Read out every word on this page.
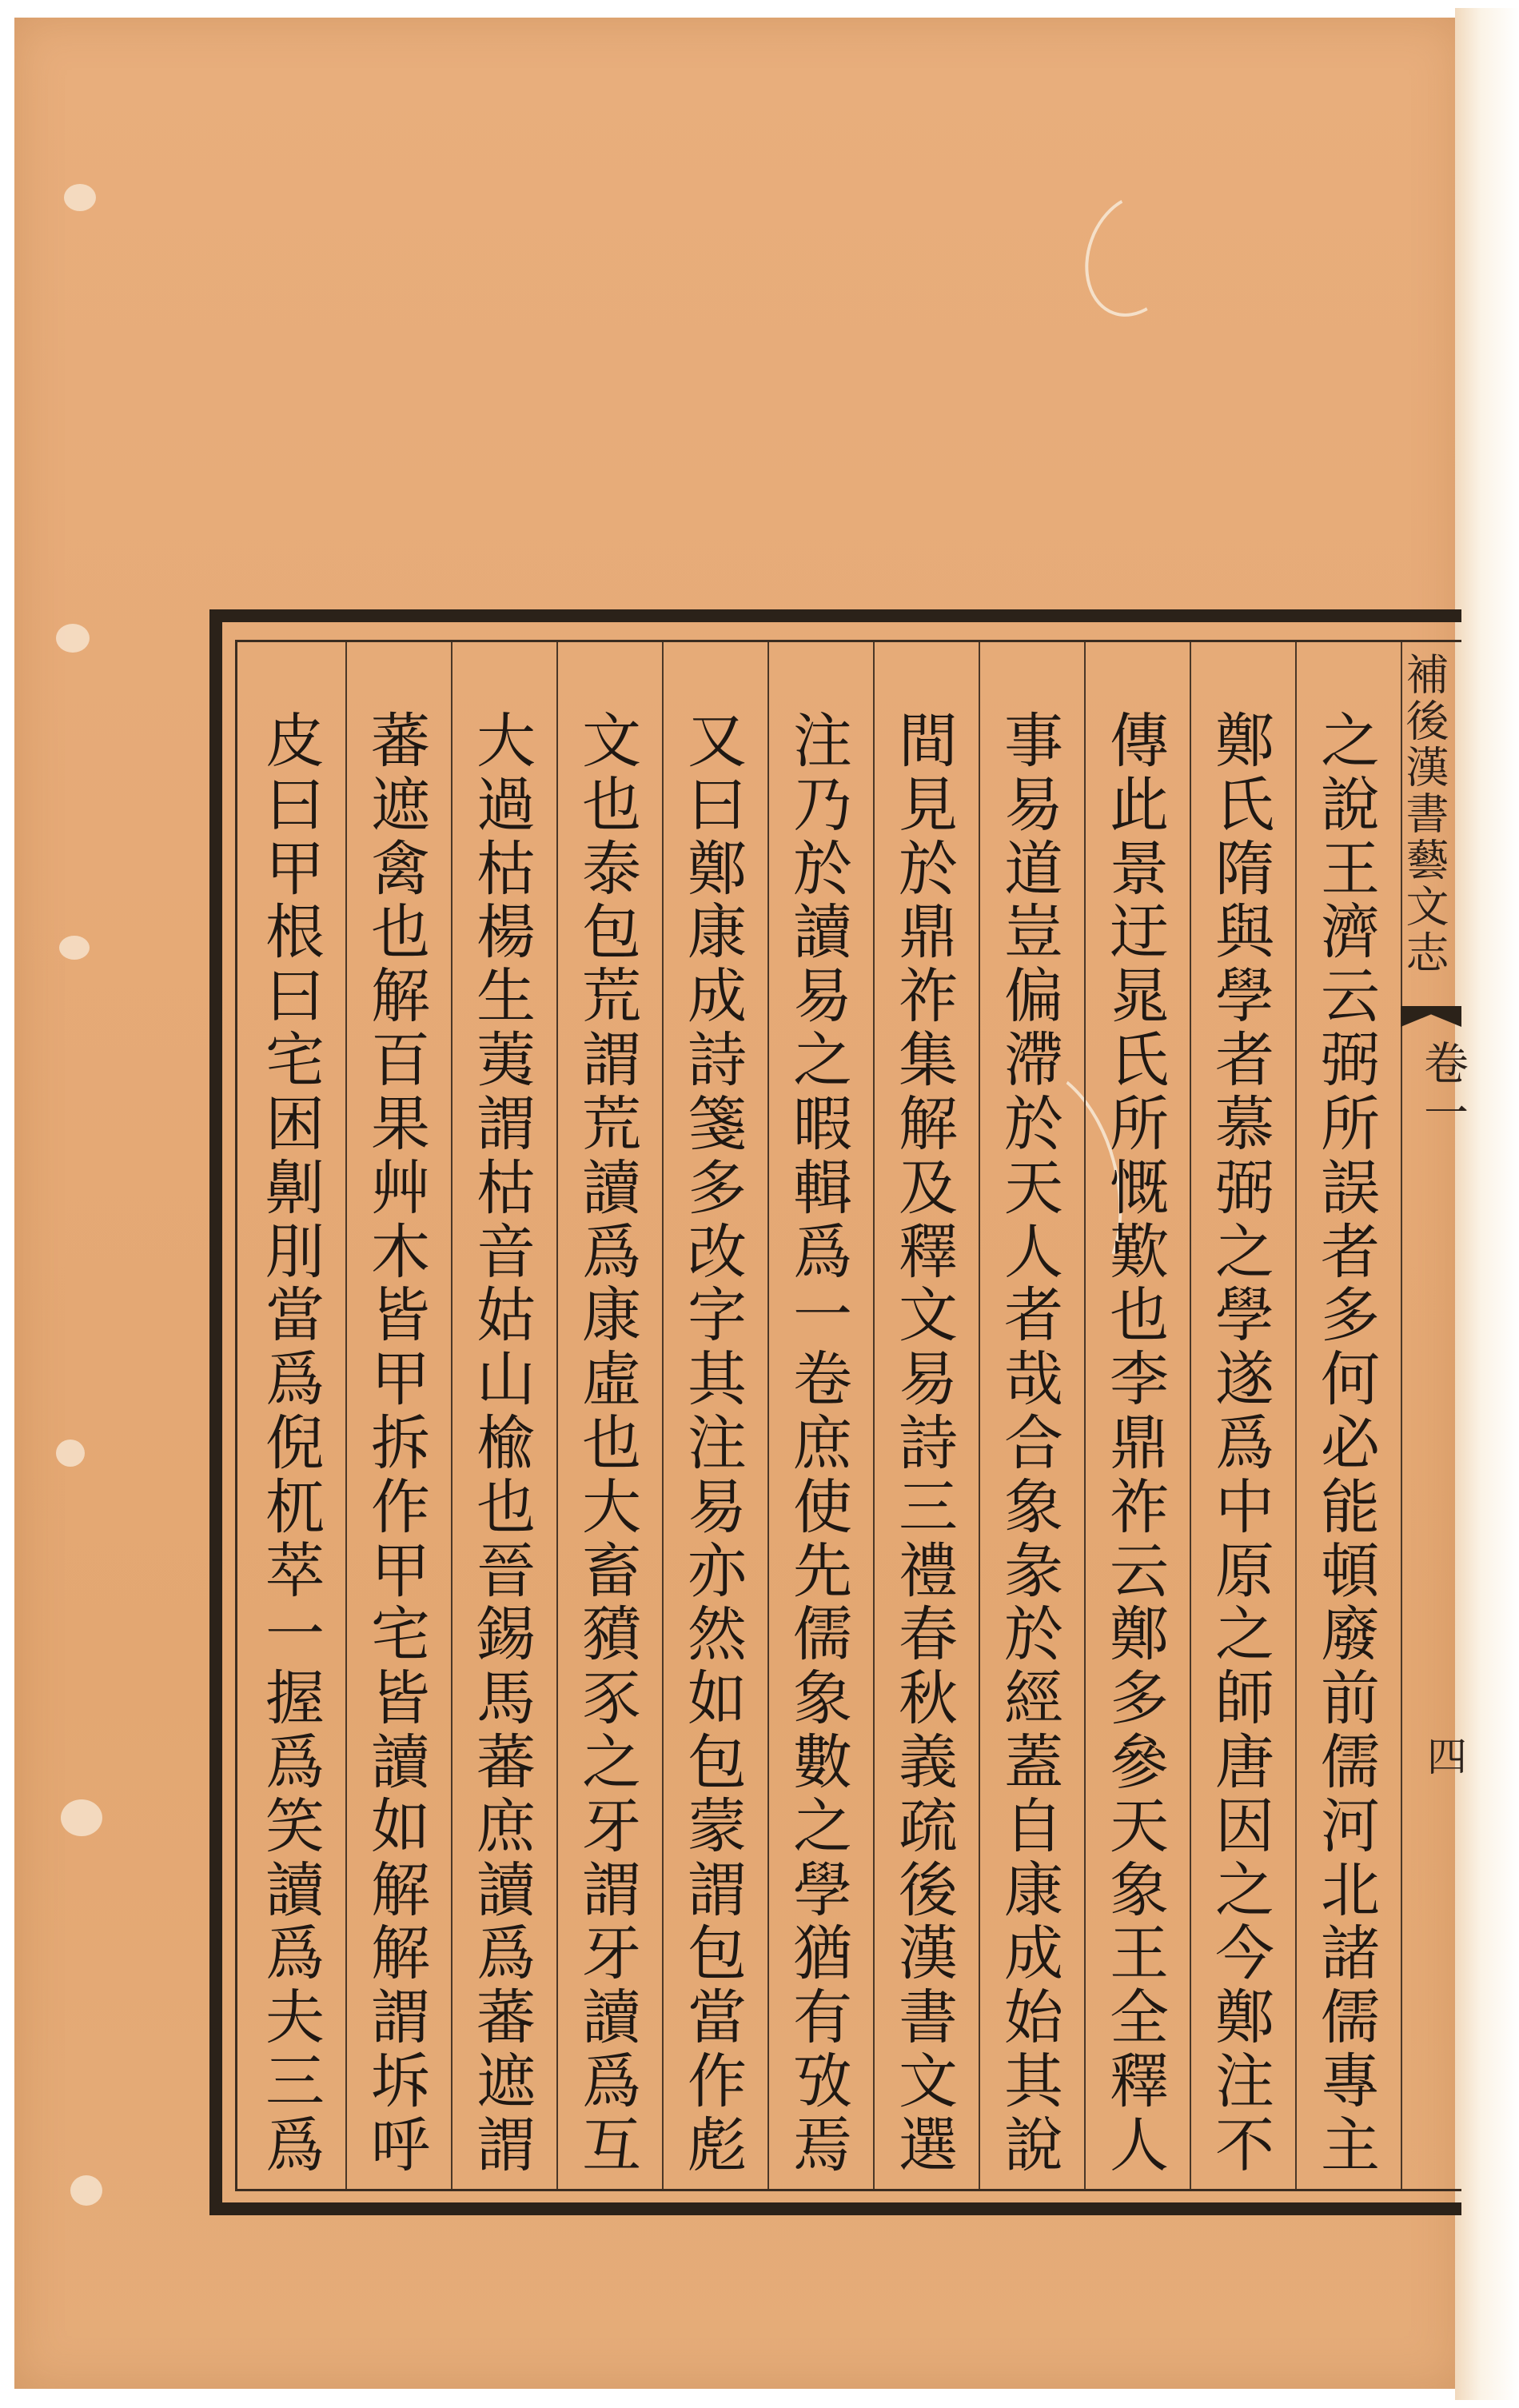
補後漢書藝文志
卷一
四
之
說
王
濟
云
弼
所
誤
者
多
何
必
能
頓
廢
前
儒
河
北
諸
儒
專
主
鄭
氏
隋
與
學
者
慕
弼
之
學
遂
爲
中
原
之
師
唐
因
之
今
鄭
注
不
傳
此
景
迂
晁
氏
所
慨
歎
也
李
鼎
祚
云
鄭
多
參
天
象
王
全
釋
人
事
易
道
豈
偏
滯
於
天
人
者
哉
合
象
彖
於
經
蓋
自
康
成
始
其
說
間
見
於
鼎
祚
集
解
及
釋
文
易
詩
三
禮
春
秋
義
疏
後
漢
書
文
選
注
乃
於
讀
易
之
暇
輯
爲
一
卷
庶
使
先
儒
象
數
之
學
猶
有
攷
焉
又
曰
鄭
康
成
詩
箋
多
改
字
其
注
易
亦
然
如
包
蒙
謂
包
當
作
彪
文
也
泰
包
荒
謂
荒
讀
爲
康
虛
也
大
畜
豶
豕
之
牙
謂
牙
讀
爲
互
大
過
枯
楊
生
荑
謂
枯
音
姑
山
楡
也
晉
錫
馬
蕃
庶
讀
爲
蕃
遮
謂
蕃
遮
禽
也
解
百
果
艸
木
皆
甲
拆
作
甲
宅
皆
讀
如
解
解
謂
坼
呼
皮
曰
甲
根
曰
宅
困
劓
刖
當
爲
倪
杌
萃
一
握
爲
笑
讀
爲
夫
三
爲
